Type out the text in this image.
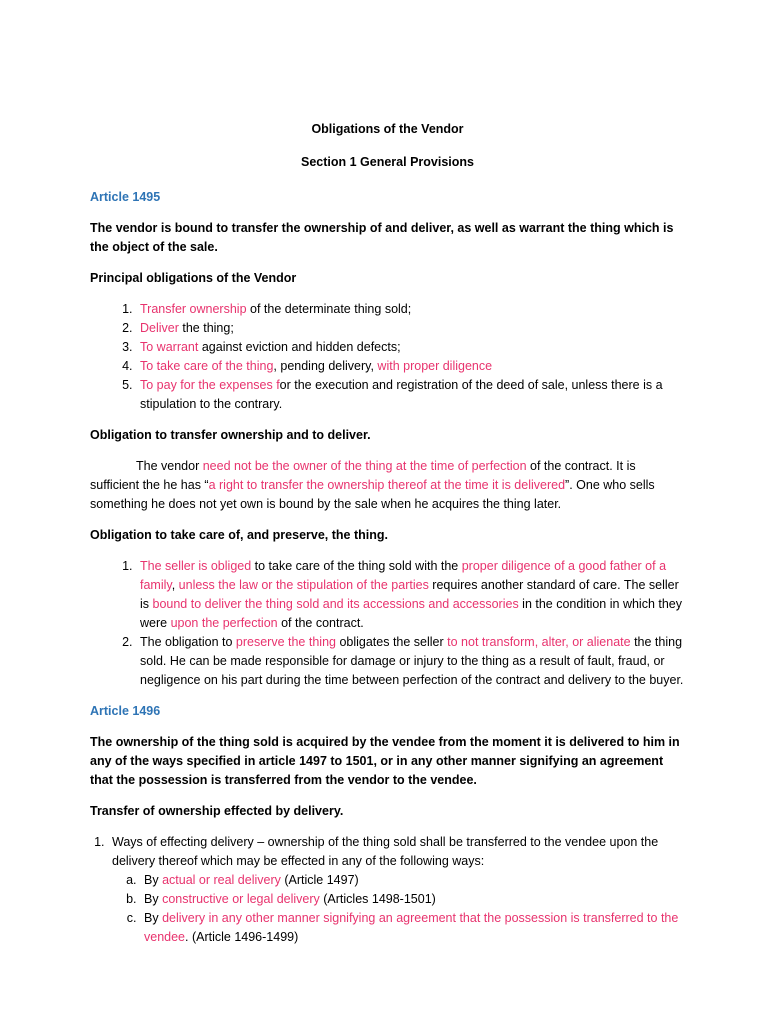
Obligations of the Vendor
Section 1 General Provisions
Article 1495

The vendor is bound to transfer the ownership of and deliver, as well as warrant the thing which is the object of the sale.

Principal obligations of the Vendor

1. Transfer ownership of the determinate thing sold;
2. Deliver the thing;
3. To warrant against eviction and hidden defects;
4. To take care of the thing, pending delivery, with proper diligence
5. To pay for the expenses for the execution and registration of the deed of sale, unless there is a stipulation to the contrary.

Obligation to transfer ownership and to deliver.

The vendor need not be the owner of the thing at the time of perfection of the contract. It is sufficient the he has “a right to transfer the ownership thereof at the time it is delivered”. One who sells something he does not yet own is bound by the sale when he acquires the thing later.

Obligation to take care of, and preserve, the thing.

1. The seller is obliged to take care of the thing sold with the proper diligence of a good father of a family, unless the law or the stipulation of the parties requires another standard of care. The seller is bound to deliver the thing sold and its accessions and accessories in the condition in which they were upon the perfection of the contract.
2. The obligation to preserve the thing obligates the seller to not transform, alter, or alienate the thing sold. He can be made responsible for damage or injury to the thing as a result of fault, fraud, or negligence on his part during the time between perfection of the contract and delivery to the buyer.
Article 1496

The ownership of the thing sold is acquired by the vendee from the moment it is delivered to him in any of the ways specified in article 1497 to 1501, or in any other manner signifying an agreement that the possession is transferred from the vendor to the vendee.

Transfer of ownership effected by delivery.

1. Ways of effecting delivery – ownership of the thing sold shall be transferred to the vendee upon the delivery thereof which may be effected in any of the following ways:
a. By actual or real delivery (Article 1497)
b. By constructive or legal delivery (Articles 1498-1501)
c. By delivery in any other manner signifying an agreement that the possession is transferred to the vendee. (Article 1496-1499)
